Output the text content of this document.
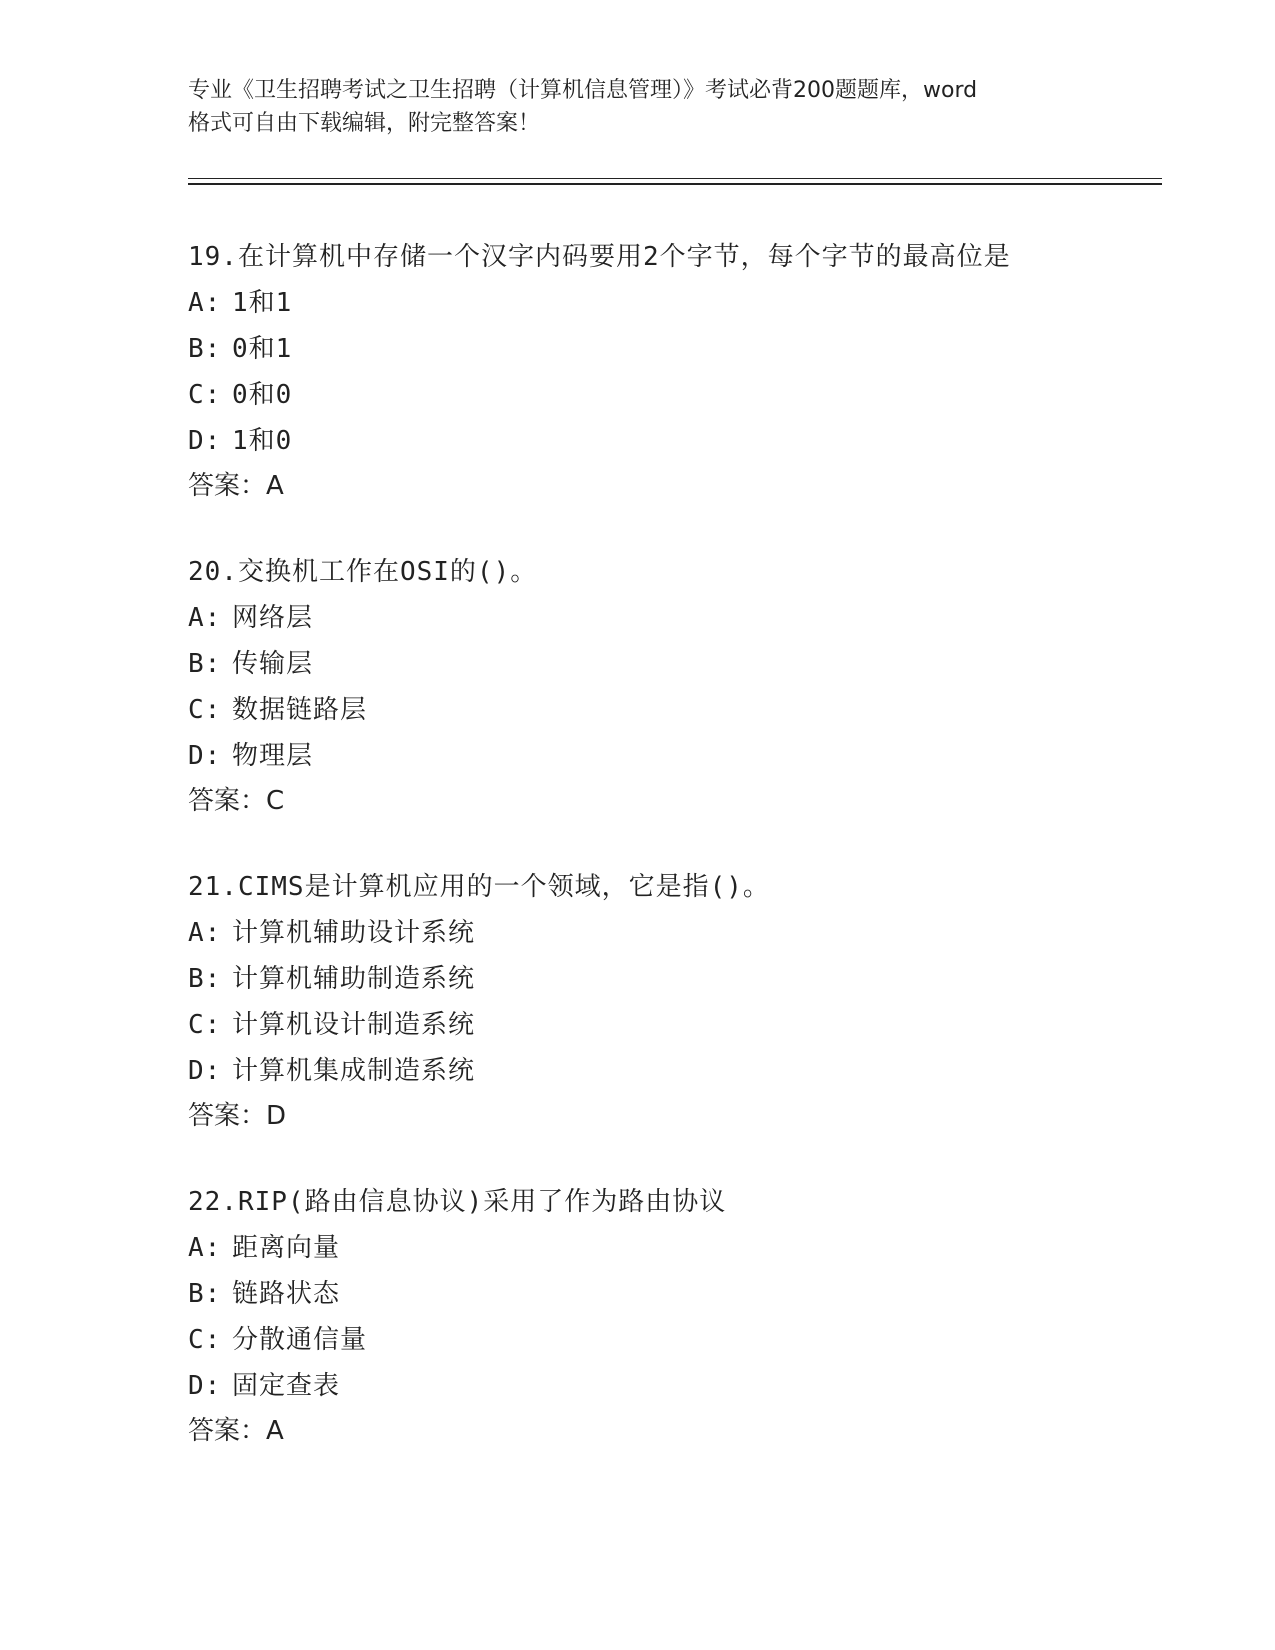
专业《卫生招聘考试之卫生招聘（计算机信息管理）》考试必背200题题库，word
格式可自由下载编辑，附完整答案！
19.在计算机中存储一个汉字内码要用2个字节，每个字节的最高位是
A: 1和1
B: 0和1
C: 0和0
D: 1和0
答案：A
20.交换机工作在OSI的()。
A: 网络层
B: 传输层
C: 数据链路层
D: 物理层
答案：C
21.CIMS是计算机应用的一个领域，它是指()。
A: 计算机辅助设计系统
B: 计算机辅助制造系统
C: 计算机设计制造系统
D: 计算机集成制造系统
答案：D
22.RIP(路由信息协议)采用了作为路由协议
A: 距离向量
B: 链路状态
C: 分散通信量
D: 固定查表
答案：A
